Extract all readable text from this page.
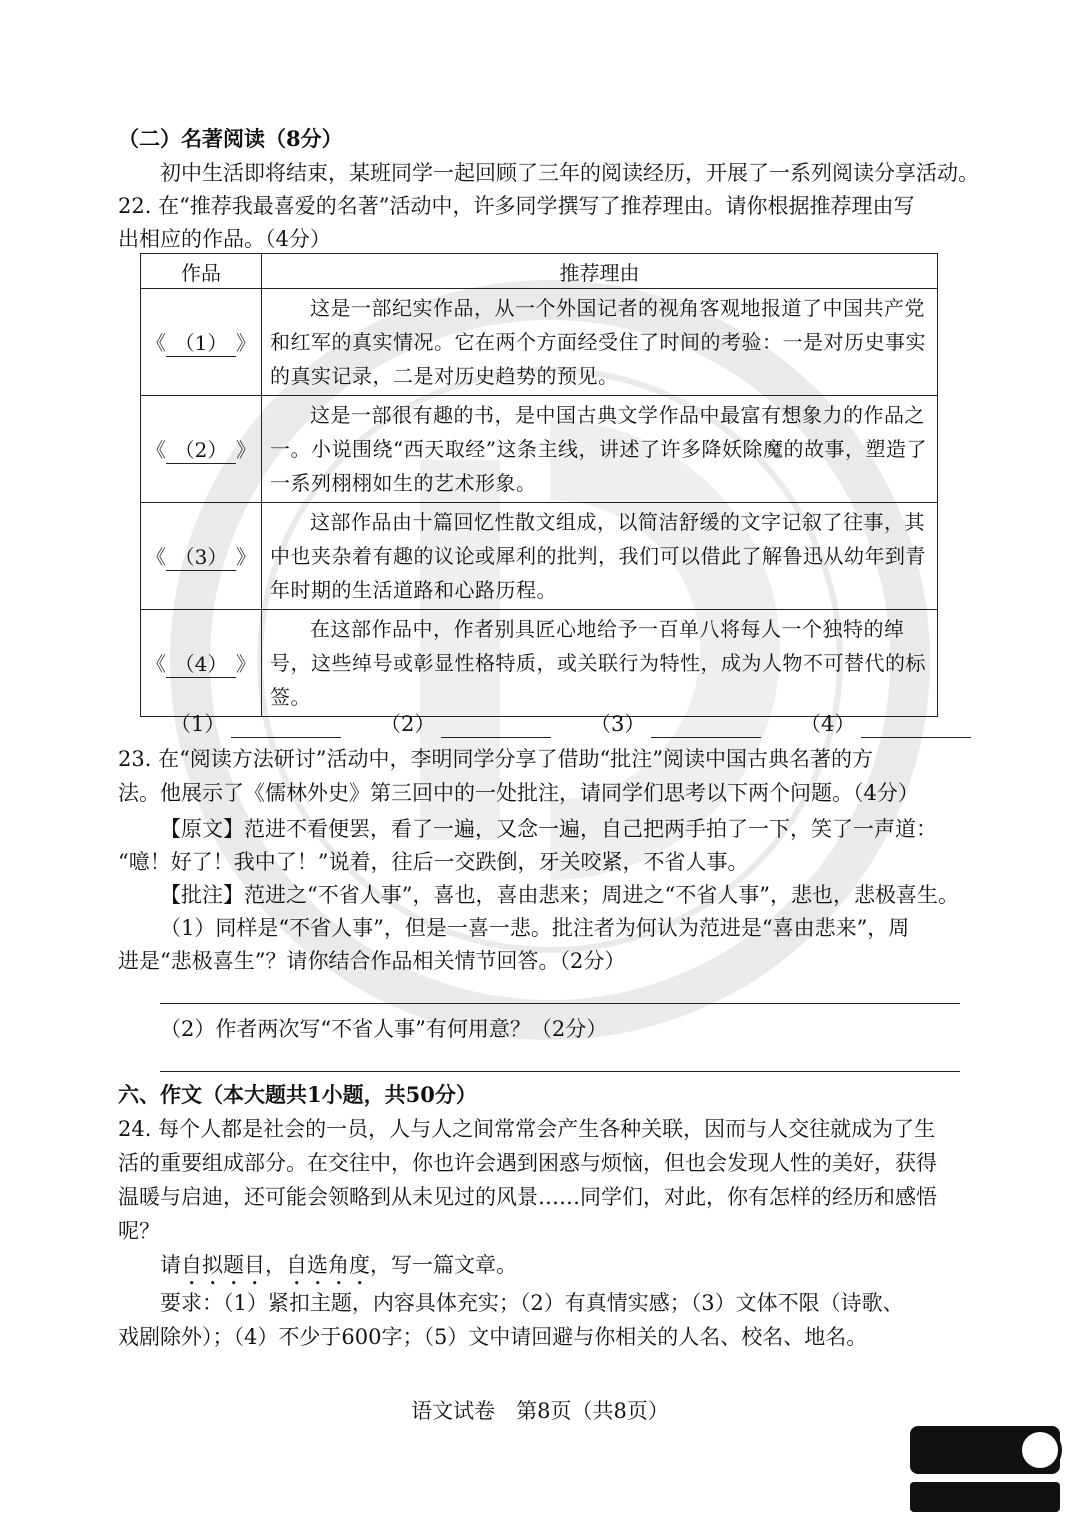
（二）名著阅读（8分）
初中生活即将结束，某班同学一起回顾了三年的阅读经历，开展了一系列阅读分享活动。
22. 在“推荐我最喜爱的名著”活动中，许多同学撰写了推荐理由。请你根据推荐理由写
出相应的作品。（4分）
作品	推荐理由
《 （1） 》	这是一部纪实作品，从一个外国记者的视角客观地报道了中国共产党和红军的真实情况。它在两个方面经受住了时间的考验：一是对历史事实的真实记录，二是对历史趋势的预见。

《 （2） 》	这是一部很有趣的书，是中国古典文学作品中最富有想象力的作品之一。小说围绕“西天取经”这条主线，讲述了许多降妖除魔的故事，塑造了一系列栩栩如生的艺术形象。

《 （3） 》	这部作品由十篇回忆性散文组成，以简洁舒缓的文字记叙了往事，其中也夹杂着有趣的议论或犀利的批判，我们可以借此了解鲁迅从幼年到青年时期的生活道路和心路历程。

《 （4） 》	在这部作品中，作者别具匠心地给予一百单八将每人一个独特的绰号，这些绰号或彰显性格特质，或关联行为特性，成为人物不可替代的标签。
（1）	（2）	（3）	（4）
23. 在“阅读方法研讨”活动中，李明同学分享了借助“批注”阅读中国古典名著的方
法。他展示了《儒林外史》第三回中的一处批注，请同学们思考以下两个问题。（4分）
【原文】范进不看便罢，看了一遍，又念一遍，自己把两手拍了一下，笑了一声道：
“噫！好了！我中了！”说着，往后一交跌倒，牙关咬紧，不省人事。
【批注】范进之“不省人事”，喜也，喜由悲来；周进之“不省人事”，悲也，悲极喜生。
（1）同样是“不省人事”，但是一喜一悲。批注者为何认为范进是“喜由悲来”，周
进是“悲极喜生”？请你结合作品相关情节回答。（2分）
（2）作者两次写“不省人事”有何用意？（2分）
六、作文（本大题共1小题，共50分）
24. 每个人都是社会的一员，人与人之间常常会产生各种关联，因而与人交往就成为了生
活的重要组成部分。在交往中，你也许会遇到困惑与烦恼，但也会发现人性的美好，获得
温暖与启迪，还可能会领略到从未见过的风景……同学们，对此，你有怎样的经历和感悟
呢？
请自拟题目，自选角度，写一篇文章。
要求：（1）紧扣主题，内容具体充实；（2）有真情实感；（3）文体不限（诗歌、
戏剧除外）；（4）不少于600字；（5）文中请回避与你相关的人名、校名、地名。
语文试卷　第8页（共8页）
